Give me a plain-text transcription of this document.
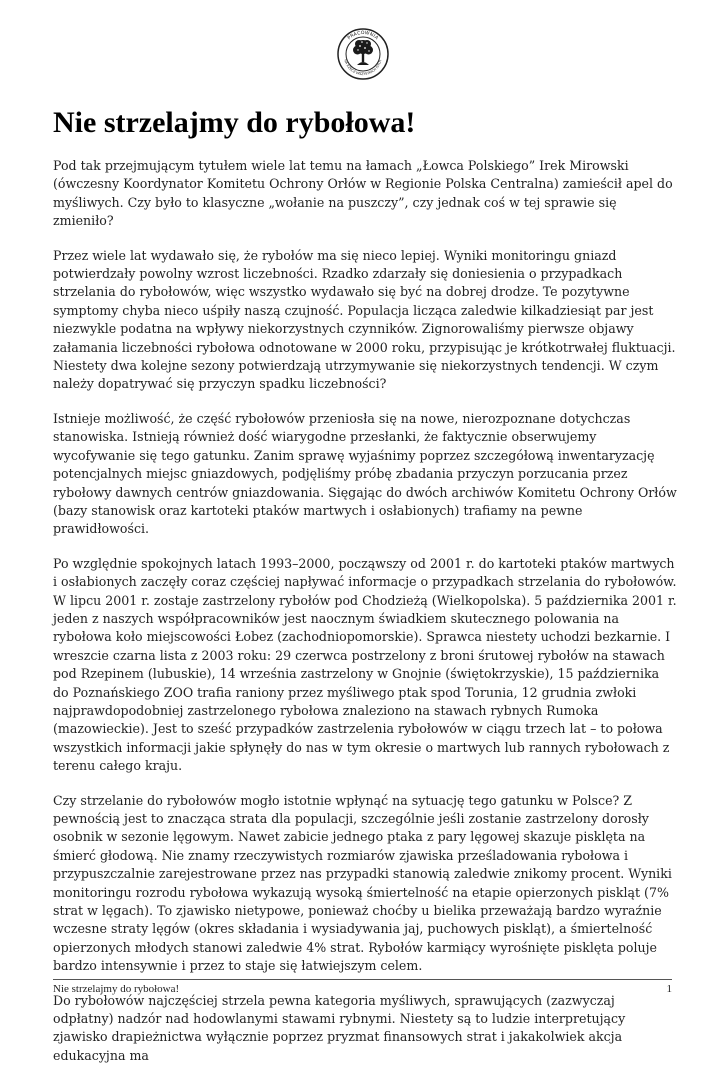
PRACOWNIA
NA RZECZ WSZYSTKICH ISTOT
Nie strzelajmy do rybołowa!

Pod tak przejmującym tytułem wiele lat temu na łamach „Łowca Polskiego” Irek Mirowski (ówczesny Koordynator Komitetu Ochrony Orłów w Regionie Polska Centralna) zamieścił apel do myśliwych. Czy było to klasyczne „wołanie na puszczy”, czy jednak coś w tej sprawie się zmieniło?

Przez wiele lat wydawało się, że rybołów ma się nieco lepiej. Wyniki monitoringu gniazd potwierdzały powolny wzrost liczebności. Rzadko zdarzały się doniesienia o przypadkach strzelania do rybołowów, więc wszystko wydawało się być na dobrej drodze. Te pozytywne symptomy chyba nieco uśpiły naszą czujność. Populacja licząca zaledwie kilkadziesiąt par jest niezwykle podatna na wpływy niekorzystnych czynników. Zignorowaliśmy pierwsze objawy załamania liczebności rybołowa odnotowane w 2000 roku, przypisując je krótkotrwałej fluktuacji. Niestety dwa kolejne sezony potwierdzają utrzymywanie się niekorzystnych tendencji. W czym należy dopatrywać się przyczyn spadku liczebności?

Istnieje możliwość, że część rybołowów przeniosła się na nowe, nierozpoznane dotychczas stanowiska. Istnieją również dość wiarygodne przesłanki, że faktycznie obserwujemy wycofywanie się tego gatunku. Zanim sprawę wyjaśnimy poprzez szczegółową inwentaryzację potencjalnych miejsc gniazdowych, podjęliśmy próbę zbadania przyczyn porzucania przez rybołowy dawnych centrów gniazdowania. Sięgając do dwóch archiwów Komitetu Ochrony Orłów (bazy stanowisk oraz kartoteki ptaków martwych i osłabionych) trafiamy na pewne prawidłowości.

Po względnie spokojnych latach 1993–2000, począwszy od 2001 r. do kartoteki ptaków martwych i osłabionych zaczęły coraz częściej napływać informacje o przypadkach strzelania do rybołowów. W lipcu 2001 r. zostaje zastrzelony rybołów pod Chodzieżą (Wielkopolska). 5 października 2001 r. jeden z naszych współpracowników jest naocznym świadkiem skutecznego polowania na rybołowa koło miejscowości Łobez (zachodniopomorskie). Sprawca niestety uchodzi bezkarnie. I wreszcie czarna lista z 2003 roku: 29 czerwca postrzelony z broni śrutowej rybołów na stawach pod Rzepinem (lubuskie), 14 września zastrzelony w Gnojnie (świętokrzyskie), 15 października do Poznańskiego ZOO trafia raniony przez myśliwego ptak spod Torunia, 12 grudnia zwłoki najprawdopodobniej zastrzelonego rybołowa znaleziono na stawach rybnych Rumoka (mazowieckie). Jest to sześć przypadków zastrzelenia rybołowów w ciągu trzech lat – to połowa wszystkich informacji jakie spłynęły do nas w tym okresie o martwych lub rannych rybołowach z terenu całego kraju.

Czy strzelanie do rybołowów mogło istotnie wpłynąć na sytuację tego gatunku w Polsce? Z pewnością jest to znacząca strata dla populacji, szczególnie jeśli zostanie zastrzelony dorosły osobnik w sezonie lęgowym. Nawet zabicie jednego ptaka z pary lęgowej skazuje pisklęta na śmierć głodową. Nie znamy rzeczywistych rozmiarów zjawiska prześladowania rybołowa i przypuszczalnie zarejestrowane przez nas przypadki stanowią zaledwie znikomy procent. Wyniki monitoringu rozrodu rybołowa wykazują wysoką śmiertelność na etapie opierzonych piskląt (7% strat w lęgach). To zjawisko nietypowe, ponieważ choćby u bielika przeważają bardzo wyraźnie wczesne straty lęgów (okres składania i wysiadywania jaj, puchowych piskląt), a śmiertelność opierzonych młodych stanowi zaledwie 4% strat. Rybołów karmiący wyrośnięte pisklęta poluje bardzo intensywnie i przez to staje się łatwiejszym celem.

Do rybołowów najczęściej strzela pewna kategoria myśliwych, sprawujących (zazwyczaj odpłatny) nadzór nad hodowlanymi stawami rybnymi. Niestety są to ludzie interpretujący zjawisko drapieżnictwa wyłącznie poprzez pryzmat finansowych strat i jakakolwiek akcja edukacyjna ma

Nie strzelajmy do rybołowa!	1
